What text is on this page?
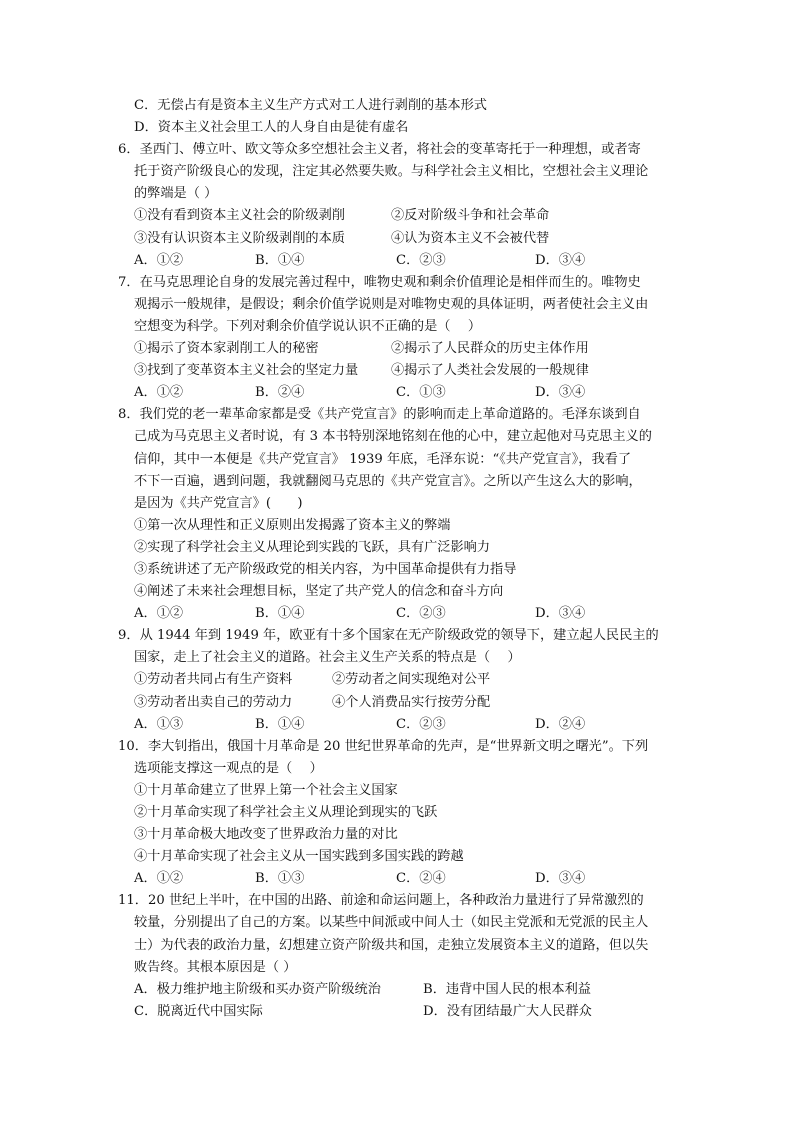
C．无偿占有是资本主义生产方式对工人进行剥削的基本形式
D．资本主义社会里工人的人身自由是徒有虚名
6．圣西门、傅立叶、欧文等众多空想社会主义者，将社会的变革寄托于一种理想，或者寄
托于资产阶级良心的发现，注定其必然要失败。与科学社会主义相比，空想社会主义理论
的弊端是（ ）
①没有看到资本主义社会的阶级剥削	②反对阶级斗争和社会革命
③没有认识资本主义阶级剥削的本质	④认为资本主义不会被代替
A．①②	B．①④	C．②③	D．③④
7．在马克思理论自身的发展完善过程中，唯物史观和剩余价值理论是相伴而生的。唯物史
观揭示一般规律，是假设；剩余价值学说则是对唯物史观的具体证明，两者使社会主义由
空想变为科学。下列对剩余价值学说认识不正确的是（　 ）
①揭示了资本家剥削工人的秘密	②揭示了人民群众的历史主体作用
③找到了变革资本主义社会的坚定力量 ④揭示了人类社会发展的一般规律
A．①②	B．②④	C．①③	D．③④
8．我们党的老一辈革命家都是受《共产党宣言》的影响而走上革命道路的。毛泽东谈到自
己成为马克思主义者时说，有 3 本书特别深地铭刻在他的心中，建立起他对马克思主义的
信仰，其中一本便是《共产党宣言》 1939 年底，毛泽东说：“《共产党宣言》，我看了
不下一百遍，遇到问题，我就翻阅马克思的《共产党宣言》。之所以产生这么大的影响，
是因为《共产党宣言》(　　)
①第一次从理性和正义原则出发揭露了资本主义的弊端
②实现了科学社会主义从理论到实践的飞跃，具有广泛影响力
③系统讲述了无产阶级政党的相关内容，为中国革命提供有力指导
④阐述了未来社会理想目标，坚定了共产党人的信念和奋斗方向
A．①②	B．①④	C．②③	D．③④
9．从 1944 年到 1949 年，欧亚有十多个国家在无产阶级政党的领导下，建立起人民民主的
国家，走上了社会主义的道路。社会主义生产关系的特点是（　 ）
①劳动者共同占有生产资料	②劳动者之间实现绝对公平
③劳动者出卖自己的劳动力	④个人消费品实行按劳分配
A．①③	B．①④	C．②③	D．②④
10．李大钊指出，俄国十月革命是 20 世纪世界革命的先声，是“世界新文明之曙光”。下列
选项能支撑这一观点的是（　 ）
①十月革命建立了世界上第一个社会主义国家
②十月革命实现了科学社会主义从理论到现实的飞跃
③十月革命极大地改变了世界政治力量的对比
④十月革命实现了社会主义从一国实践到多国实践的跨越
A．①②	B．①③	C．②④	D．③④
11．20 世纪上半叶，在中国的出路、前途和命运问题上，各种政治力量进行了异常激烈的
较量，分别提出了自己的方案。以某些中间派或中间人士（如民主党派和无党派的民主人
士）为代表的政治力量，幻想建立资产阶级共和国，走独立发展资本主义的道路，但以失
败告终。其根本原因是（ ）
A．极力维护地主阶级和买办资产阶级统治	B．违背中国人民的根本利益
C．脱离近代中国实际	D．没有团结最广大人民群众
